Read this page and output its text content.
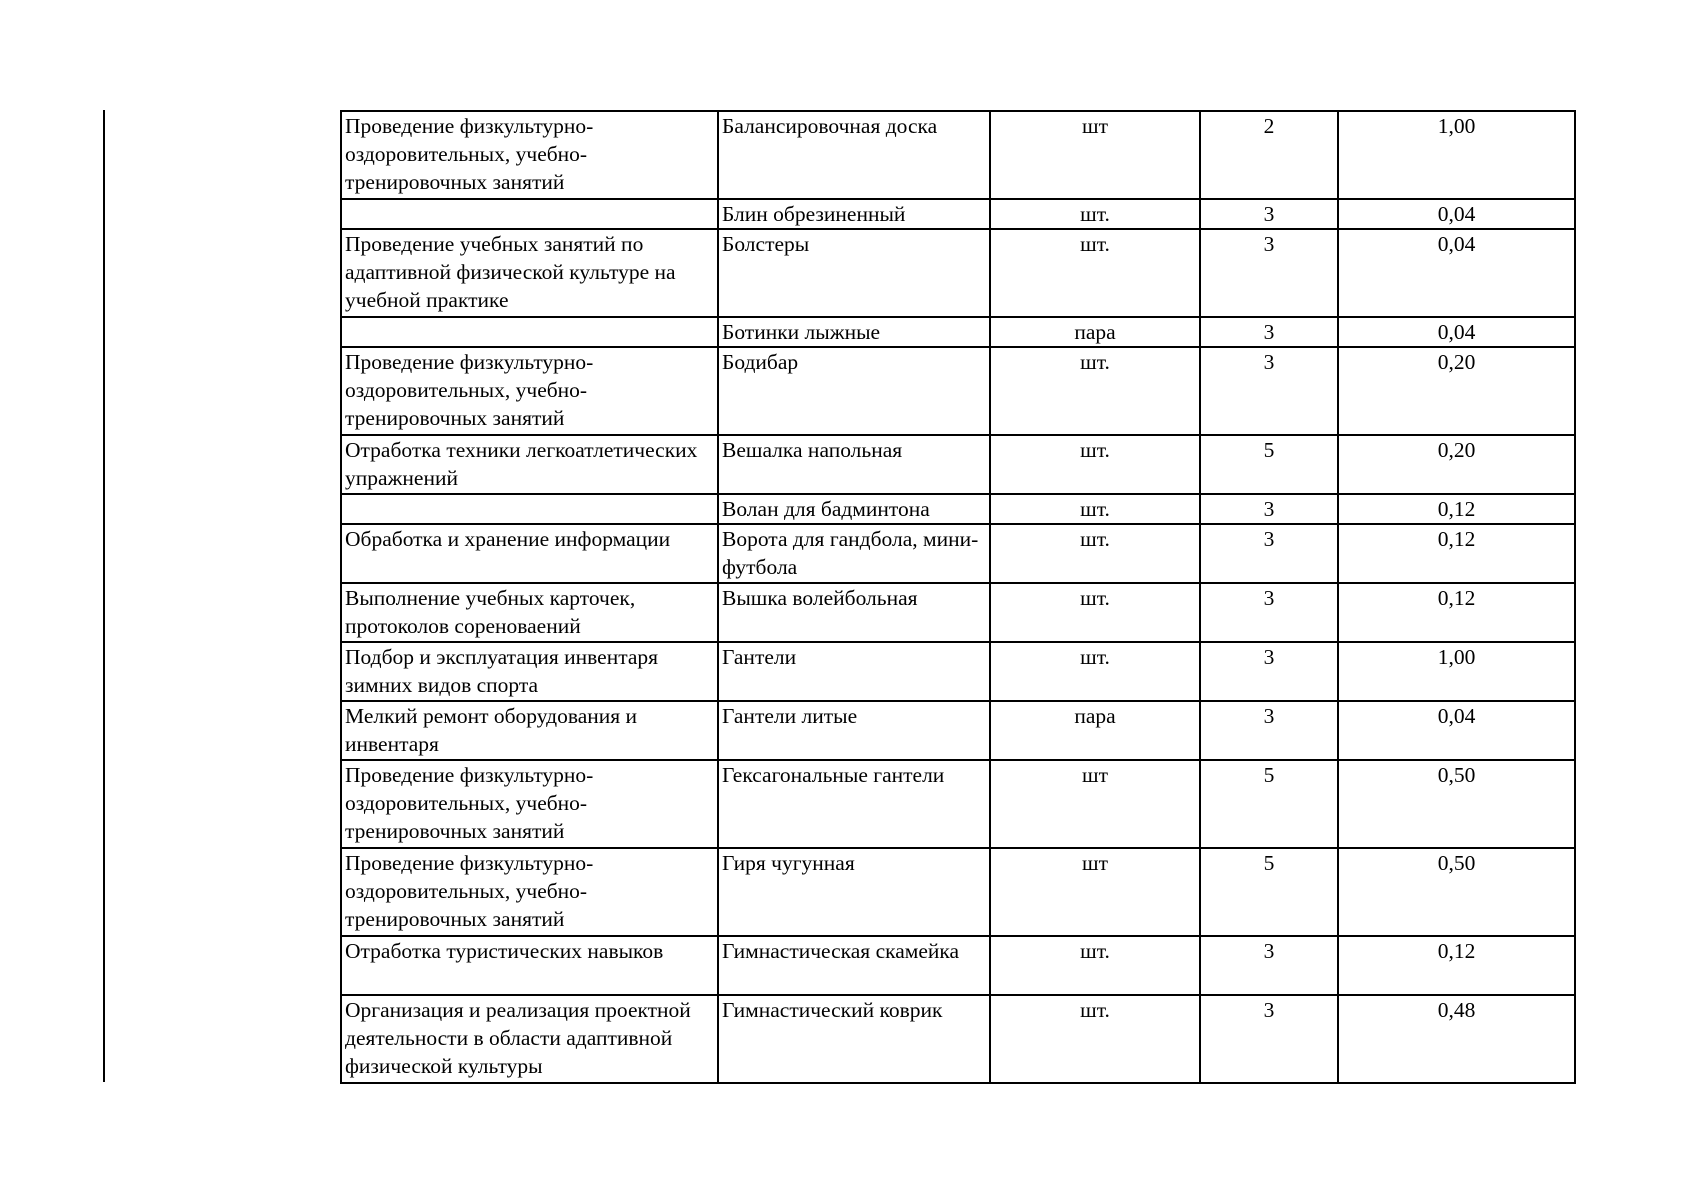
Проведение физкультурно-оздоровительных, учебно-тренировочных занятий	Балансировочная доска	шт	2	1,00
	Блин обрезиненный	шт.	3	0,04
Проведение учебных занятий по адаптивной физической культуре на учебной практике	Болстеры	шт.	3	0,04
	Ботинки лыжные	пара	3	0,04
Проведение физкультурно-оздоровительных, учебно-тренировочных занятий	Бодибар	шт.	3	0,20
Отработка техники легкоатлетических упражнений	Вешалка напольная	шт.	5	0,20
	Волан для бадминтона	шт.	3	0,12
Обработка и хранение информации	Ворота для гандбола, мини-футбола	шт.	3	0,12
Выполнение учебных карточек, протоколов сореноваений	Вышка волейбольная	шт.	3	0,12
Подбор и эксплуатация инвентаря зимних видов спорта	Гантели	шт.	3	1,00
Мелкий ремонт оборудования и инвентаря	Гантели литые	пара	3	0,04
Проведение физкультурно-оздоровительных, учебно-тренировочных занятий	Гексагональные гантели	шт	5	0,50
Проведение физкультурно-оздоровительных, учебно-тренировочных занятий	Гиря чугунная	шт	5	0,50
Отработка туристических навыков	Гимнастическая скамейка	шт.	3	0,12
Организация и реализация проектной деятельности в области адаптивной физической культуры	Гимнастический коврик	шт.	3	0,48
